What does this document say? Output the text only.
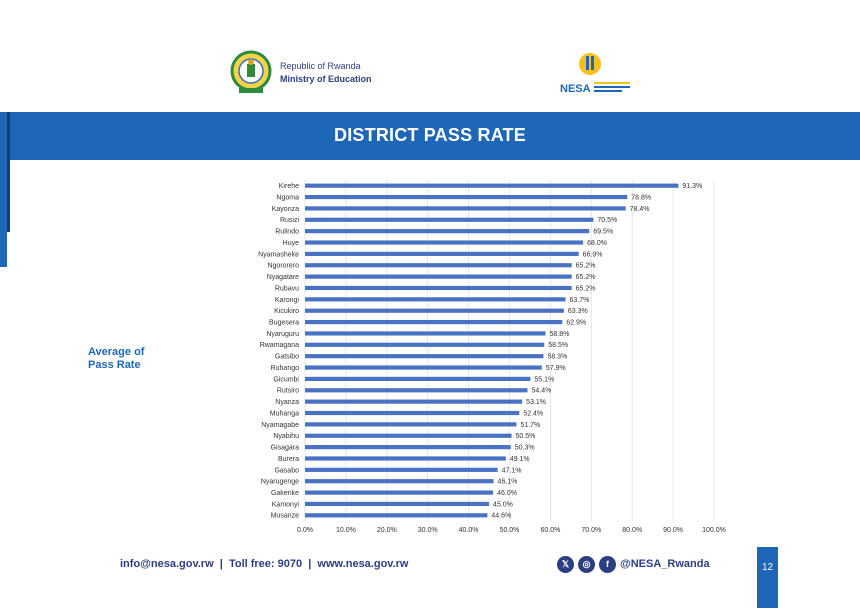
Republic of Rwanda
Ministry of Education
NESA
DISTRICT PASS RATE
Average of
Pass Rate
0.0%	10.0%	20.0%	30.0%	40.0%	50.0%	60.0%	70.0%	80.0%	90.0%	100.0%
Kirehe	91.3%
Ngoma	78.8%
Kayonza	78.4%
Rusizi	70.5%
Rulindo	69.5%
Huye	68.0%
Nyamasheke	66.9%
Ngororero	65.2%
Nyagatare	65.2%
Rubavu	65.2%
Karongi	63.7%
Kicukiro	63.3%
Bugesera	62.9%
Nyaruguru	58.8%
Rwamagana	58.5%
Gatsibo	58.3%
Ruhango	57.9%
Gicumbi	55.1%
Rutsiro	54.4%
Nyanza	53.1%
Muhanga	52.4%
Nyamagabe	51.7%
Nyabihu	50.5%
Gisagara	50.3%
Burera	49.1%
Gasabo	47.1%
Nyarugenge	46.1%
Gakenke	46.0%
Kamonyi	45.0%
Musanze	44.6%
info@nesa.gov.rw  |  Toll free: 9070  |  www.nesa.gov.rw	𝕏	◎	f	@NESA_Rwanda	12
